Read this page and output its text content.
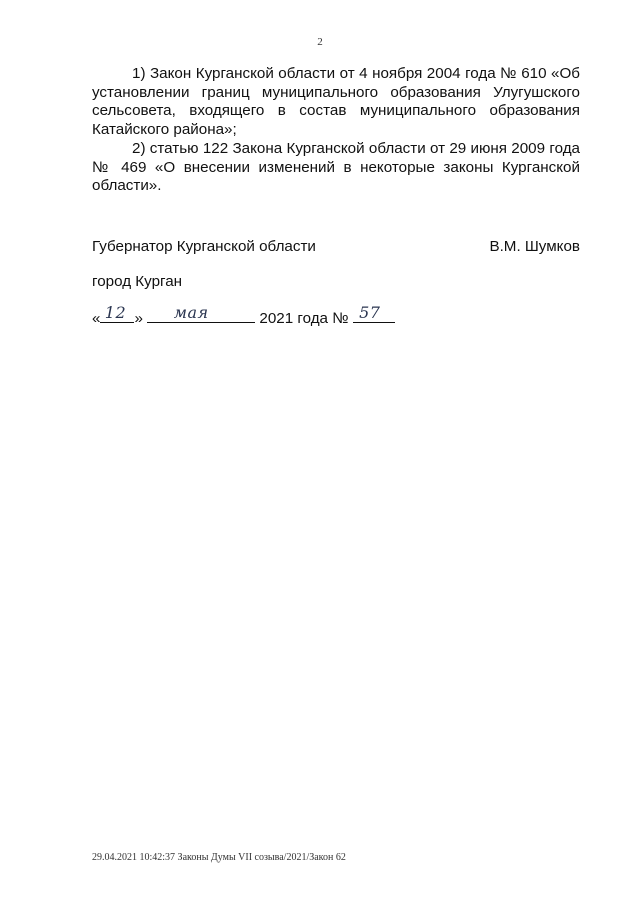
2
1) Закон Курганской области от 4 ноября 2004 года № 610 «Об установлении границ муниципального образования Улугушского сельсовета, входящего в состав муниципального образования Катайского района»;
2) статью 122 Закона Курганской области от 29 июня 2009 года № 469 «О внесении изменений в некоторые законы Курганской области».
Губернатор Курганской области	В.М. Шумков
город Курган
« 12 »	мая	2021 года № 57
29.04.2021 10:42:37 Законы Думы VII созыва/2021/Закон 62
